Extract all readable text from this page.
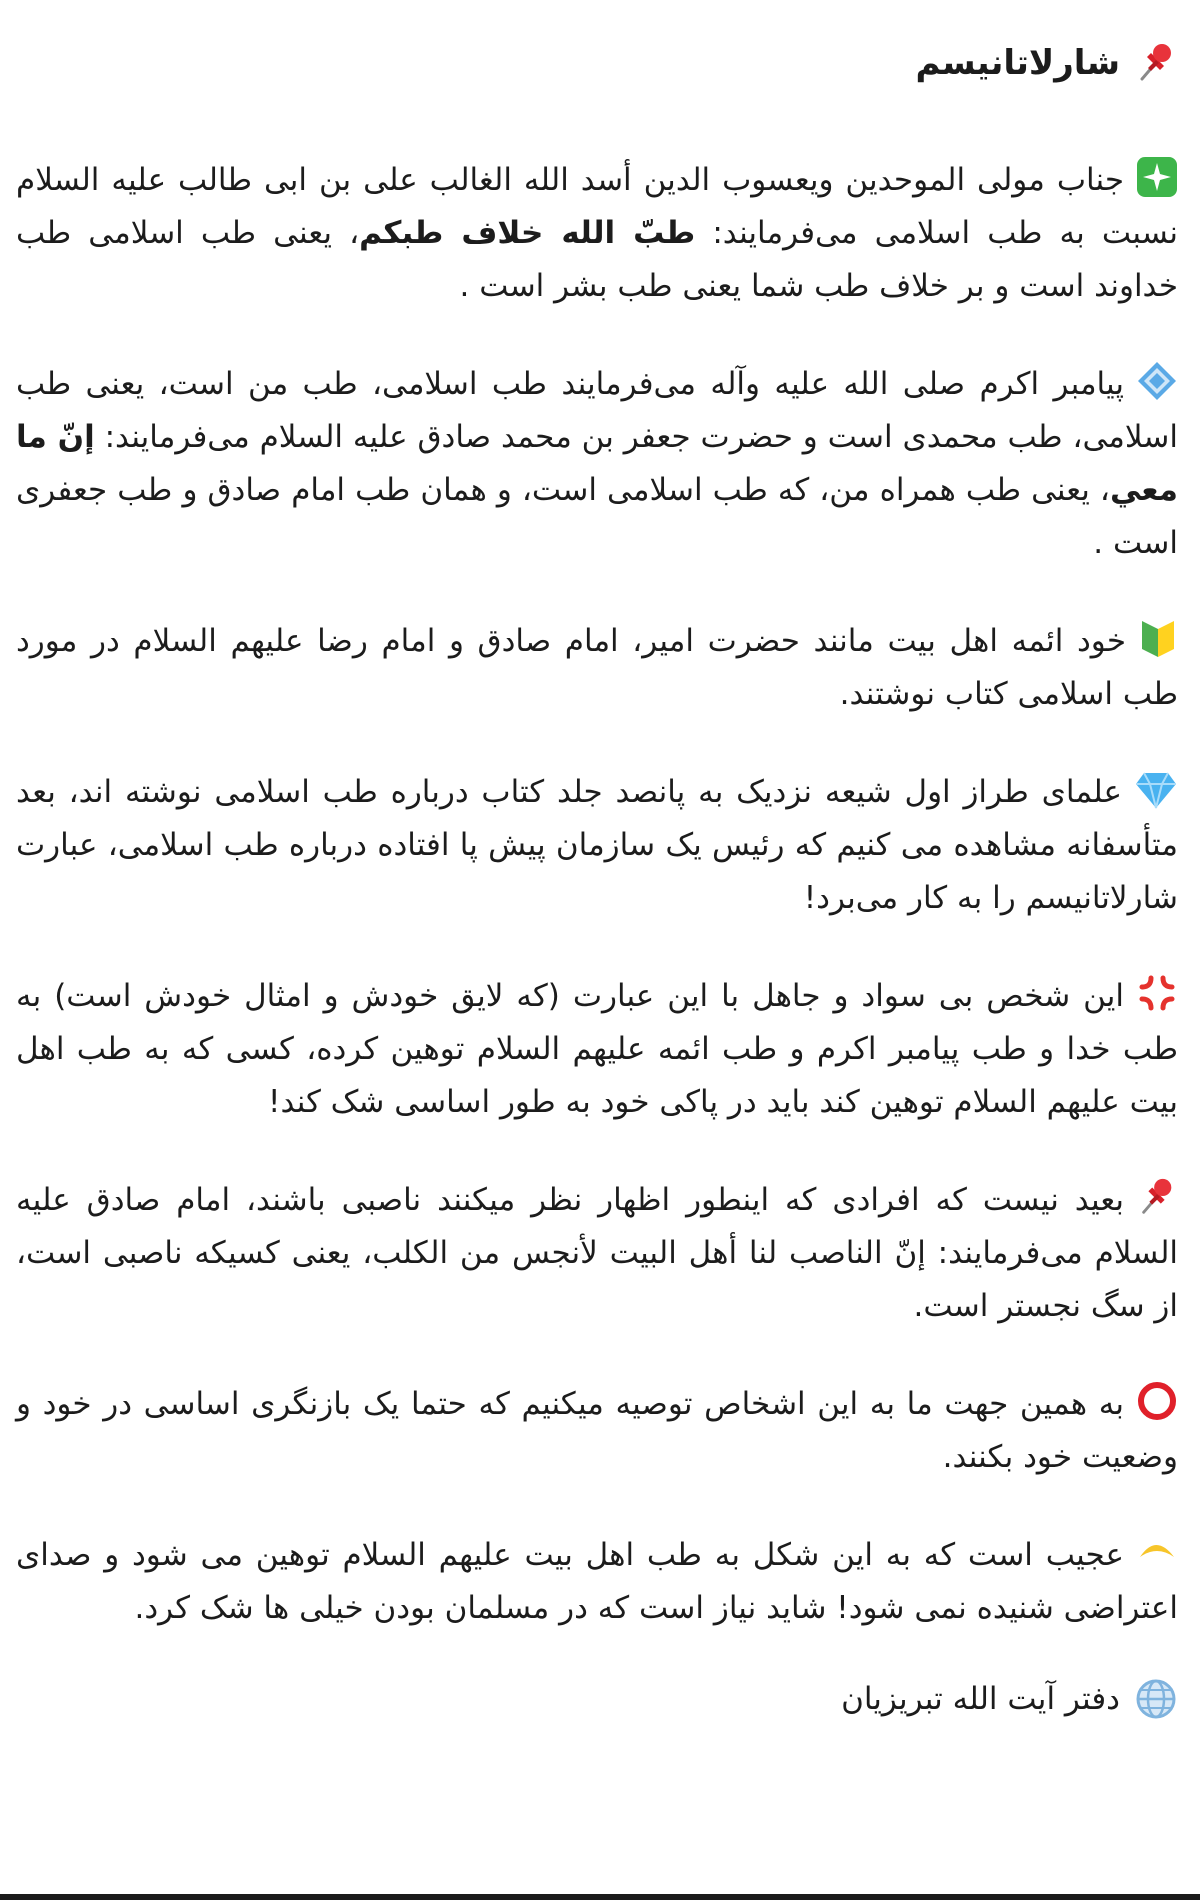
شارلاتانیسم

جناب مولی الموحدین ویعسوب الدین أسد الله الغالب علی بن ابی طالب علیه السلام نسبت به طب اسلامی می‌فرمایند: طبّ الله خلاف طبکم، یعنی طب اسلامی طب خداوند است و بر خلاف طب شما یعنی طب بشر است .

پیامبر اکرم صلی الله علیه وآله می‌فرمایند طب اسلامی، طب من است، یعنی طب اسلامی، طب محمدی است و حضرت جعفر بن محمد صادق علیه السلام می‌فرمایند: إنّ ما معي، یعنی طب همراه من، که طب اسلامی است، و همان طب امام صادق و طب جعفری است .

خود ائمه اهل بیت مانند حضرت امیر، امام صادق و امام رضا علیهم السلام در مورد طب اسلامی کتاب نوشتند.

علمای طراز اول شیعه نزدیک به پانصد جلد کتاب درباره طب اسلامی نوشته اند، بعد متأسفانه مشاهده می کنیم که رئیس یک سازمان پیش پا افتاده درباره طب اسلامی، عبارت شارلاتانیسم را به کار می‌برد!

این شخص بی سواد و جاهل با این عبارت (که لایق خودش و امثال خودش است) به طب خدا و طب پیامبر اکرم و طب ائمه علیهم السلام توهین کرده، کسی که به طب اهل بیت علیهم السلام توهین کند باید در پاکی خود به طور اساسی شک کند!

بعید نیست که افرادی که اینطور اظهار نظر میکنند ناصبی باشند، امام صادق علیه السلام می‌فرمایند: إنّ الناصب لنا أهل البیت لأنجس من الکلب، یعنی کسیکه ناصبی است، از سگ نجستر است.

به همین جهت ما به این اشخاص توصیه میکنیم که حتما یک بازنگری اساسی در خود و وضعیت خود بکنند.

عجیب است که به این شکل به طب اهل بیت علیهم السلام توهین می شود و صدای اعتراضی شنیده نمی شود! شاید نیاز است که در مسلمان بودن خیلی ها شک کرد.

دفتر آیت الله تبریزیان
